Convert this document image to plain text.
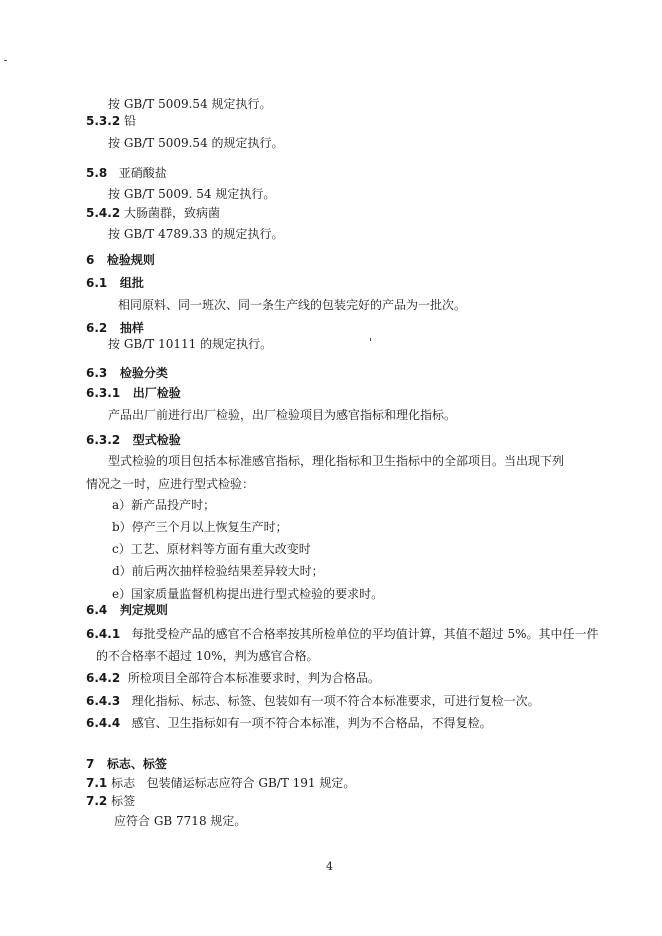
按 GB/T 5009.54 规定执行。
5.3.2 铅
按 GB/T 5009.54 的规定执行。
5.8 亚硝酸盐
按 GB/T 5009. 54 规定执行。
5.4.2 大肠菌群，致病菌
按 GB/T 4789.33 的规定执行。
6 检验规则
6.1 组批
相同原料、同一班次、同一条生产线的包装完好的产品为一批次。
6.2 抽样
按 GB/T 10111 的规定执行。
6.3 检验分类
6.3.1 出厂检验
产品出厂前进行出厂检验，出厂检验项目为感官指标和理化指标。
6.3.2 型式检验
型式检验的项目包括本标准感官指标，理化指标和卫生指标中的全部项目。当出现下列
情况之一时，应进行型式检验：
a）新产品投产时；
b）停产三个月以上恢复生产时；
c）工艺、原材料等方面有重大改变时
d）前后两次抽样检验结果差异较大时；
e）国家质量监督机构提出进行型式检验的要求时。
6.4 判定规则
6.4.1 每批受检产品的感官不合格率按其所检单位的平均值计算，其值不超过 5%。其中任一件
的不合格率不超过 10%，判为感官合格。
6.4.2 所检项目全部符合本标准要求时，判为合格品。
6.4.3 理化指标、标志、标签、包装如有一项不符合本标准要求，可进行复检一次。
6.4.4 感官、卫生指标如有一项不符合本标准，判为不合格品，不得复检。
7 标志、标签
7.1 标志 包装储运标志应符合 GB/T 191 规定。
7.2 标签
应符合 GB 7718 规定。
4
